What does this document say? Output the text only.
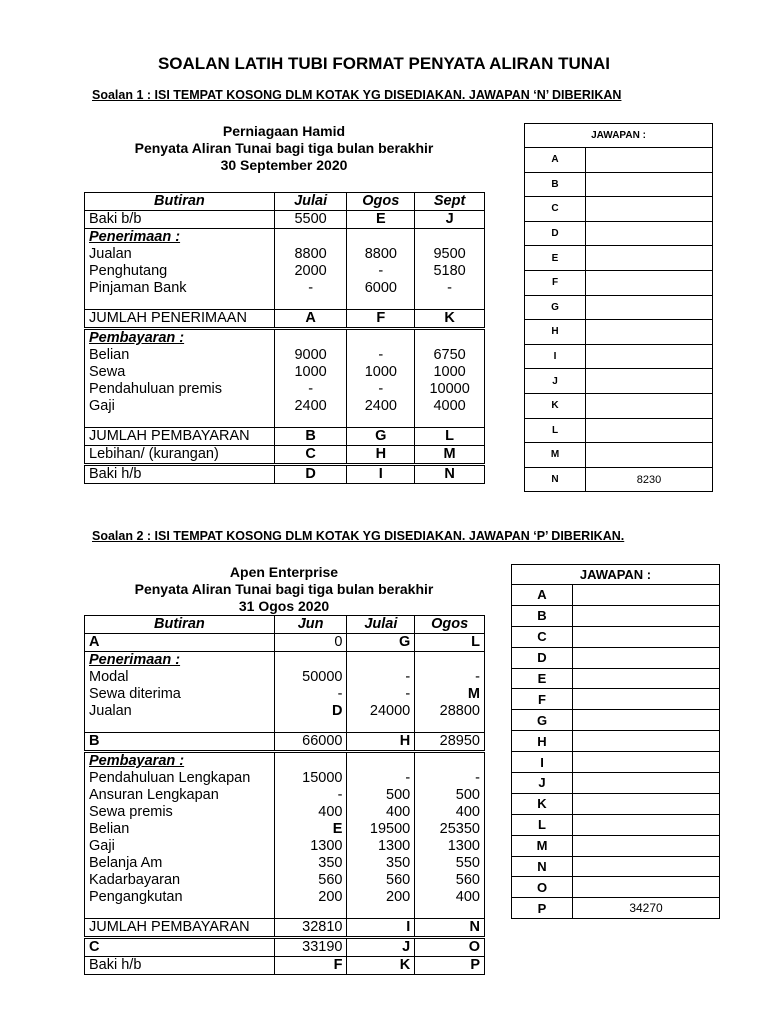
SOALAN LATIH TUBI FORMAT PENYATA ALIRAN TUNAI
Soalan 1 : ISI TEMPAT KOSONG DLM KOTAK YG DISEDIAKAN. JAWAPAN ‘N’ DIBERIKAN
Perniagaan Hamid
Penyata Aliran Tunai bagi tiga bulan berakhir
30 September 2020
Butiran	Julai	Ogos	Sept
Baki b/b	5500	E	J
Penerimaan :			
Jualan	8800	8800	9500
Penghutang	2000	-	5180
Pinjaman Bank	-	6000	-

JUMLAH PENERIMAAN	A	F	K
Pembayaran :			
Belian	9000	-	6750
Sewa	1000	1000	1000
Pendahuluan premis	-	-	10000
Gaji	2400	2400	4000

JUMLAH PEMBAYARAN	B	G	L
Lebihan/ (kurangan)	C	H	M
Baki h/b	D	I	N
JAWAPAN :	
A	
B	
C	
D	
E	
F	
G	
H	
I	
J	
K	
L	
M	
N	8230
Soalan 2 : ISI TEMPAT KOSONG DLM KOTAK YG DISEDIAKAN. JAWAPAN ‘P’ DIBERIKAN.
Apen Enterprise
Penyata Aliran Tunai bagi tiga bulan berakhir
31 Ogos 2020
Butiran	Jun	Julai	Ogos
A	0	G	L
Penerimaan :			
Modal	50000	-	-
Sewa diterima	-	-	M
Jualan	D	24000	28800

B	66000	H	28950
Pembayaran :			
Pendahuluan Lengkapan	15000	-	-
Ansuran Lengkapan	-	500	500
Sewa premis	400	400	400
Belian	E	19500	25350
Gaji	1300	1300	1300
Belanja Am	350	350	550
Kadarbayaran	560	560	560
Pengangkutan	200	200	400

JUMLAH PEMBAYARAN	32810	I	N
C	33190	J	O
Baki h/b	F	K	P
JAWAPAN :	
A	
B	
C	
D	
E	
F	
G	
H	
I	
J	
K	
L	
M	
N	
O	
P	34270
